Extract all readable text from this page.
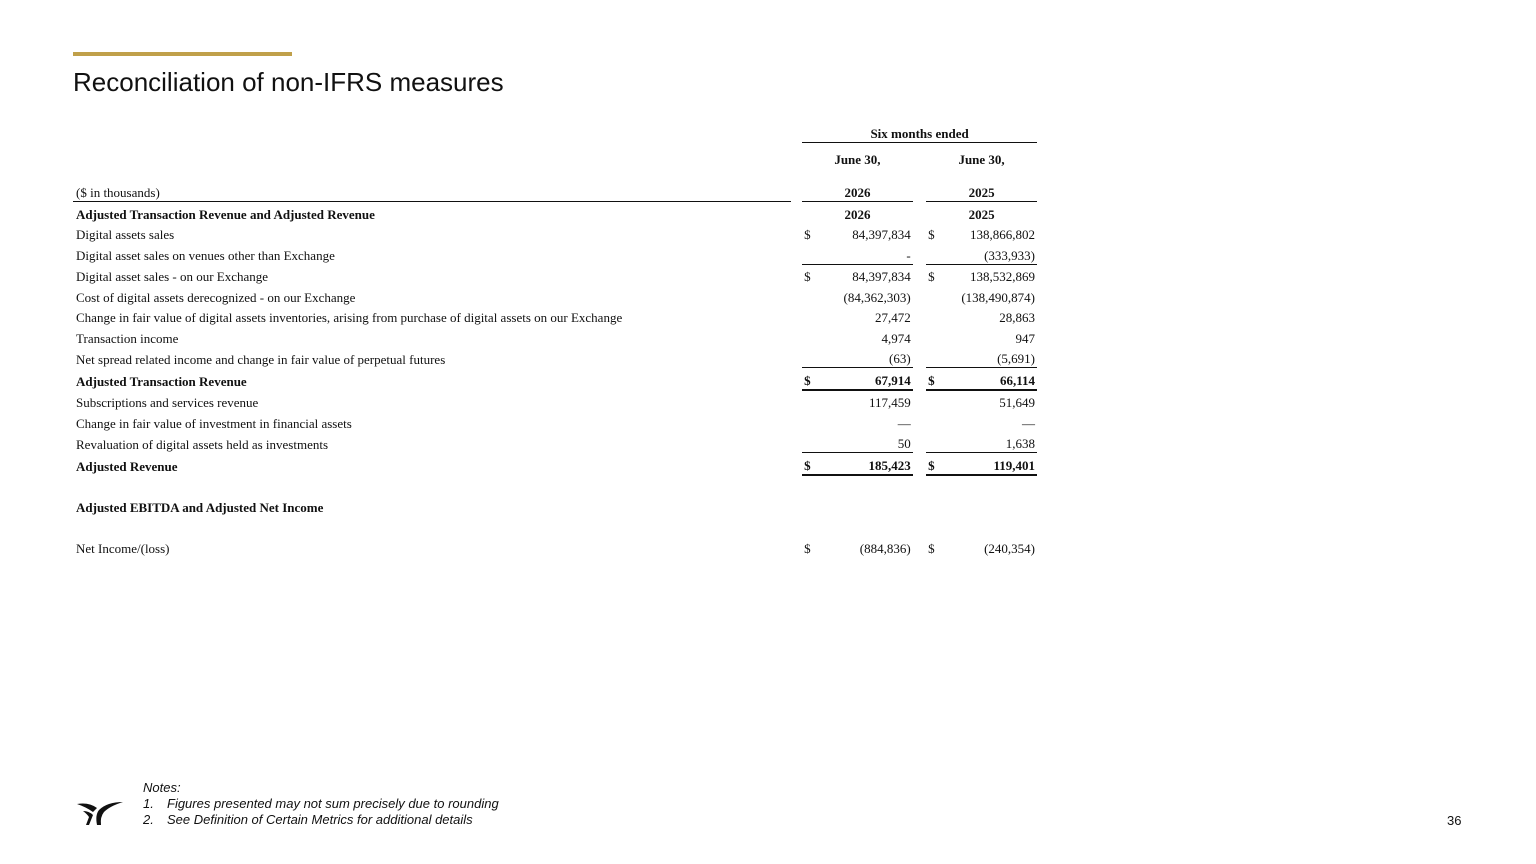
Reconciliation of non-IFRS measures
		Six months ended				
		June 30,			June 30,	
($ in thousands)		2026			2025	
Adjusted Transaction Revenue and Adjusted Revenue		2026			2025	
Digital assets sales		$	84,397,834		$	138,866,802
Digital asset sales on venues other than Exchange			-			(333,933)
Digital asset sales - on our Exchange		$	84,397,834		$	138,532,869
Cost of digital assets derecognized - on our Exchange			(84,362,303)			(138,490,874)
Change in fair value of digital assets inventories, arising from purchase of digital assets on our Exchange			27,472			28,863
Transaction income			4,974			947
Net spread related income and change in fair value of perpetual futures			(63)			(5,691)
Adjusted Transaction Revenue		$	67,914		$	66,114
Subscriptions and services revenue			117,459			51,649
Change in fair value of investment in financial assets			—			—
Revaluation of digital assets held as investments			50			1,638
Adjusted Revenue		$	185,423		$	119,401

Adjusted EBITDA and Adjusted Net Income						

Net Income/(loss)		$	(884,836)		$	(240,354)
Notes:
1. Figures presented may not sum precisely due to rounding
2. See Definition of Certain Metrics for additional details	36
